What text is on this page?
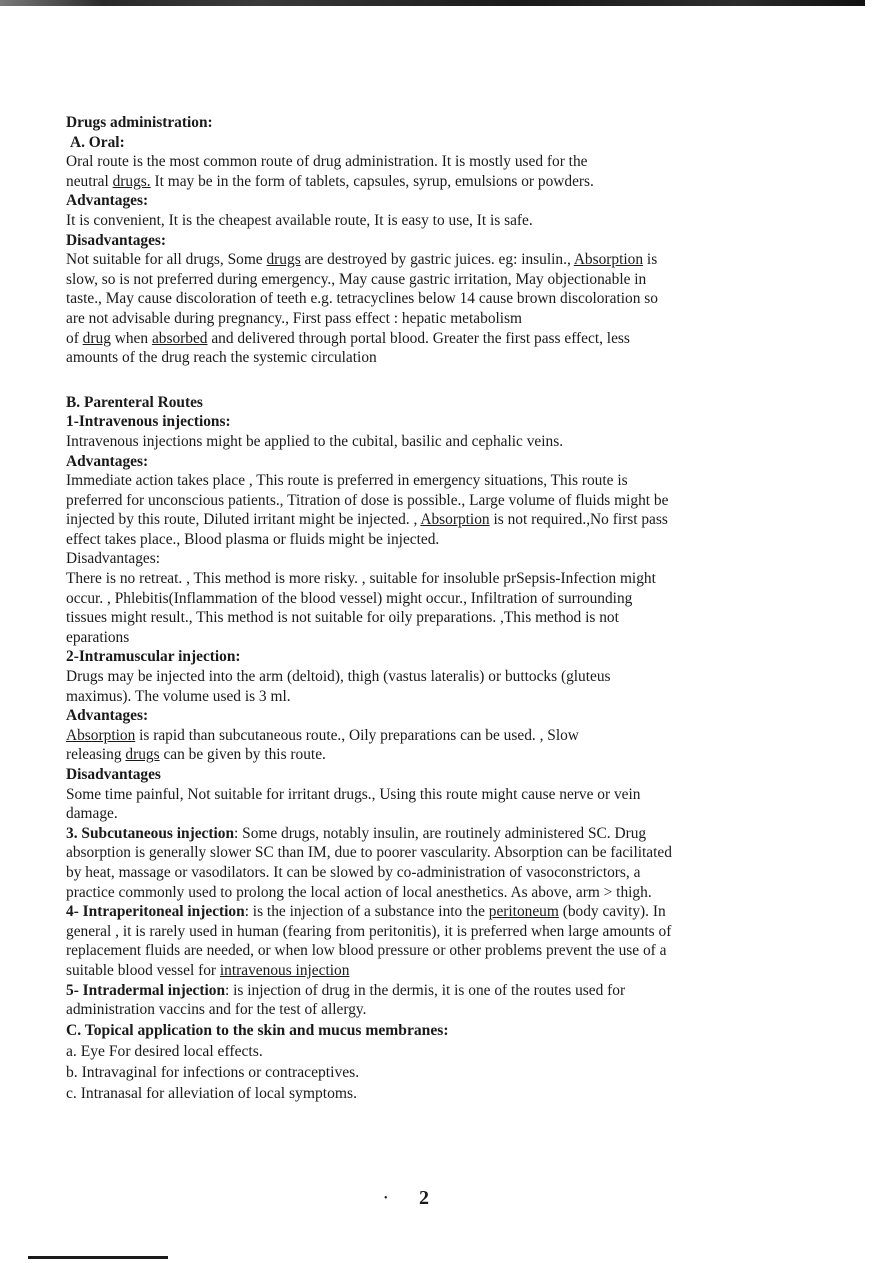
Drugs administration:

A. Oral:

Oral route is the most common route of drug administration. It is mostly used for the

neutral drugs. It may be in the form of tablets, capsules, syrup, emulsions or powders.

Advantages:

It is convenient, It is the cheapest available route, It is easy to use, It is safe.

Disadvantages:

Not suitable for all drugs, Some drugs are destroyed by gastric juices. eg: insulin., Absorption is

slow, so is not preferred during emergency., May cause gastric irritation, May objectionable in

taste., May cause discoloration of teeth e.g. tetracyclines below 14 cause brown discoloration so

are not advisable during pregnancy., First pass effect : hepatic metabolism

of drug when absorbed and delivered through portal blood. Greater the first pass effect, less

amounts of the drug reach the systemic circulation

B. Parenteral Routes

1-Intravenous injections:

Intravenous injections might be applied to the cubital, basilic and cephalic veins.

Advantages:

Immediate action takes place , This route is preferred in emergency situations, This route is

preferred for unconscious patients., Titration of dose is possible., Large volume of fluids might be

injected by this route, Diluted irritant might be injected. , Absorption is not required.,No first pass

effect takes place., Blood plasma or fluids might be injected.

Disadvantages:

There is no retreat. , This method is more risky. , suitable for insoluble prSepsis-Infection might

occur. , Phlebitis(Inflammation of the blood vessel) might occur., Infiltration of surrounding

tissues might result., This method is not suitable for oily preparations. ,This method is not

eparations

2-Intramuscular injection:

Drugs may be injected into the arm (deltoid), thigh (vastus lateralis) or buttocks (gluteus

maximus). The volume used is 3 ml.

Advantages:

Absorption is rapid than subcutaneous route., Oily preparations can be used. , Slow

releasing drugs can be given by this route.

Disadvantages

Some time painful, Not suitable for irritant drugs., Using this route might cause nerve or vein

damage.

3. Subcutaneous injection: Some drugs, notably insulin, are routinely administered SC. Drug

absorption is generally slower SC than IM, due to poorer vascularity. Absorption can be facilitated

by heat, massage or vasodilators. It can be slowed by co-administration of vasoconstrictors, a

practice commonly used to prolong the local action of local anesthetics. As above, arm > thigh.

4- Intraperitoneal injection: is the injection of a substance into the peritoneum (body cavity). In

general , it is rarely used in human (fearing from peritonitis), it is preferred when large amounts of

replacement fluids are needed, or when low blood pressure or other problems prevent the use of a

suitable blood vessel for intravenous injection

5- Intradermal injection: is injection of drug in the dermis, it is one of the routes used for

administration vaccins and for the test of allergy.

C. Topical application to the skin and mucus membranes:

a. Eye For desired local effects.

b. Intravaginal for infections or contraceptives.

c. Intranasal for alleviation of local symptoms.

• 2
